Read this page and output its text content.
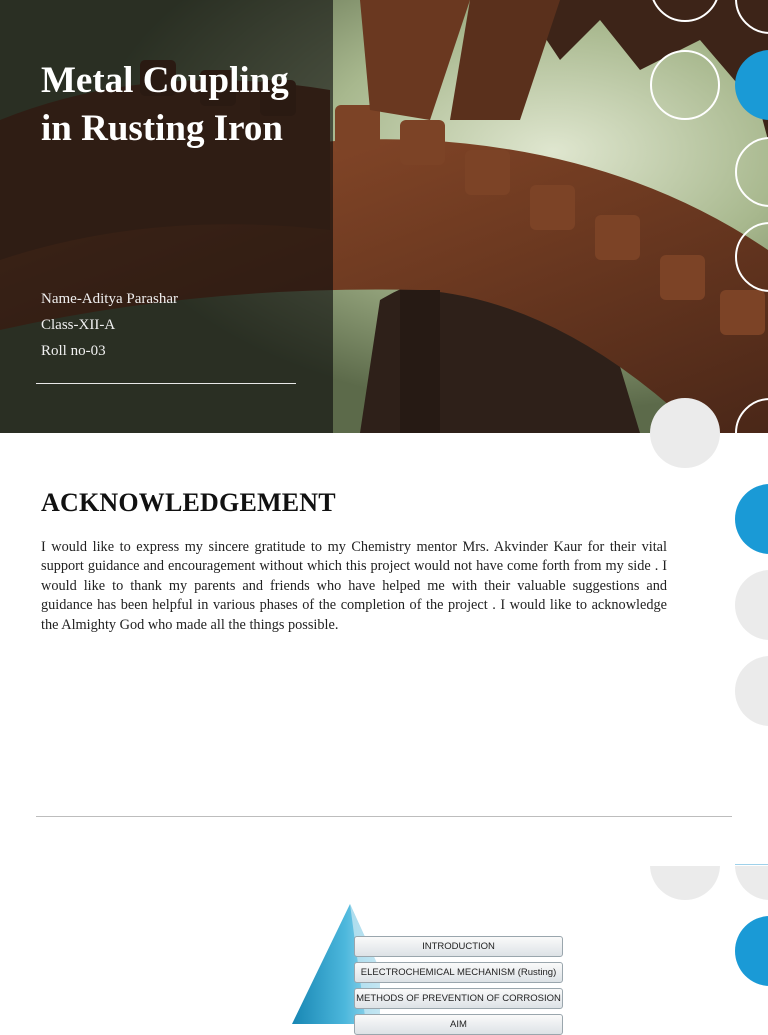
Metal Coupling in Rusting Iron
Name-Aditya Parashar
Class-XII-A
Roll no-03
ACKNOWLEDGEMENT

I would like to express my sincere gratitude to my Chemistry mentor Mrs. Akvinder Kaur for their vital support guidance and encouragement without which this project would not have come forth from my side . I would like to thank my parents and friends who have helped me with their valuable suggestions and guidance has been helpful in various phases of the completion of the project . I would like to acknowledge the Almighty God who made all the things possible.

INTRODUCTION
ELECTROCHEMICAL MECHANISM (Rusting)
METHODS OF PREVENTION OF CORROSION
AIM
